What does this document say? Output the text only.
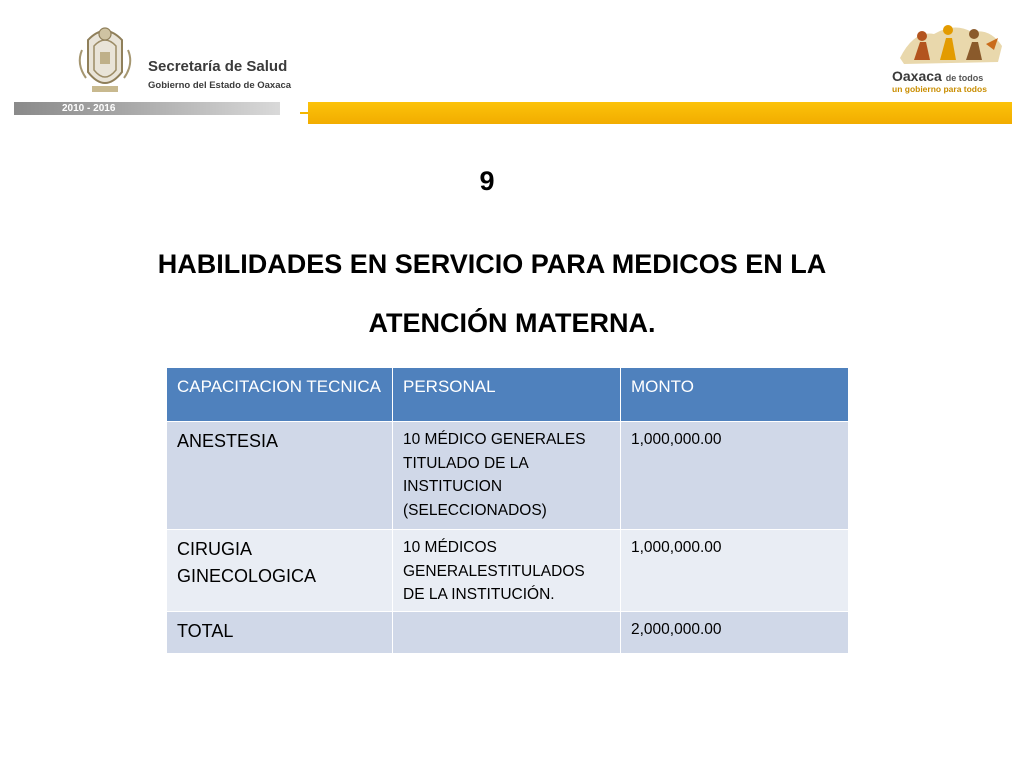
Secretaría de Salud
Gobierno del Estado de Oaxaca
2010 - 2016
Oaxaca de todos
un gobierno para todos
9
HABILIDADES EN SERVICIO PARA MEDICOS EN LA
ATENCIÓN MATERNA.
CAPACITACION TECNICA	PERSONAL	MONTO
ANESTESIA	10 MÉDICO GENERALES TITULADO DE LA INSTITUCION (SELECCIONADOS)	1,000,000.00
CIRUGIA GINECOLOGICA	10 MÉDICOS GENERALESTITULADOS DE LA INSTITUCIÓN.	1,000,000.00
TOTAL		2,000,000.00
